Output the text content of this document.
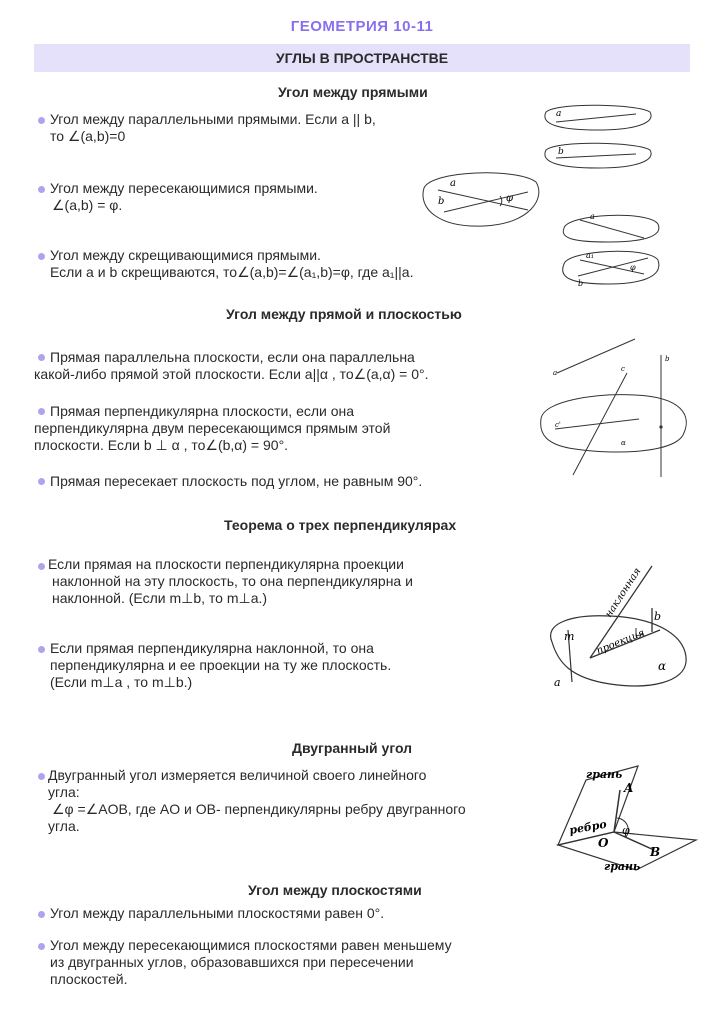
ГЕОМЕТРИЯ 10-11
УГЛЫ В ПРОСТРАНСТВЕ
Угол между прямыми
Угол между параллельными прямыми. Если a || b,
то ∠(a,b)=0
Угол между пересекающимися прямыми.
∠(a,b) = φ.
Угол между скрещивающимися прямыми.
Если a и b скрещиваются, то∠(a,b)=∠(a₁,b)=φ, где a₁||a.
a
b
a
b	φ
a
a₁
b
φ
Угол между прямой и плоскостью
Прямая параллельна плоскости, если она параллельна
какой-либо прямой этой плоскости. Если a||α , то∠(a,α) = 0°.
Прямая перпендикулярна плоскости, если она
перпендикулярна двум пересекающимся прямым этой
плоскости. Если b ⊥ α , то∠(b,α) = 90°.
Прямая пересекает плоскость под углом, не равным 90°.
a
c'
c
b
α
Теорема о трех перпендикулярах
Если прямая на плоскости перпендикулярна проекции
наклонной на эту плоскость, то она перпендикулярна и
наклонной. (Если m⊥b, то m⊥a.)
Если прямая перпендикулярна наклонной, то она
перпендикулярна и ее проекции на ту же плоскость.
(Если m⊥a , то m⊥b.)
наклонная
проекция
m
b
a
α
Двугранный угол
Двугранный угол измеряется величиной своего линейного
угла:
∠φ =∠AOB, где AO и OB- перпендикулярны ребру двугранного
угла.
грань
ребро
грань
A
B
O
φ
Угол между плоскостями
Угол между параллельными плоскостями равен 0°.
Угол между пересекающимися плоскостями равен меньшему
из двугранных углов, образовавшихся при пересечении
плоскостей.
